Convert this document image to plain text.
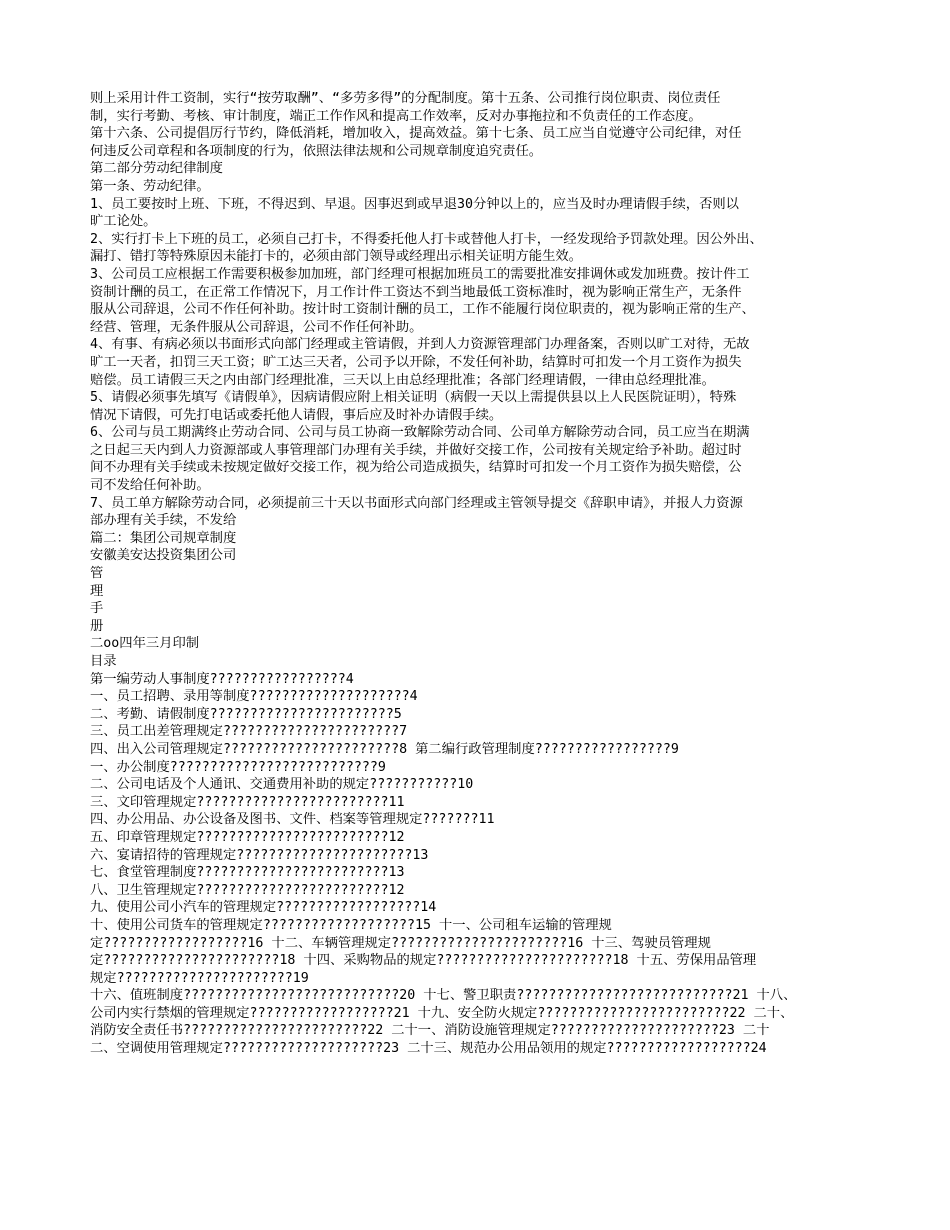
则上采用计件工资制，实行“按劳取酬”、“多劳多得”的分配制度。第十五条、公司推行岗位职责、岗位责任

制，实行考勤、考核、审计制度，端正工作作风和提高工作效率，反对办事拖拉和不负责任的工作态度。

第十六条、公司提倡厉行节约，降低消耗，增加收入，提高效益。第十七条、员工应当自觉遵守公司纪律，对任

何违反公司章程和各项制度的行为，依照法律法规和公司规章制度追究责任。

第二部分劳动纪律制度

第一条、劳动纪律。

1、员工要按时上班、下班，不得迟到、早退。因事迟到或早退30分钟以上的，应当及时办理请假手续，否则以

旷工论处。

2、实行打卡上下班的员工，必须自己打卡，不得委托他人打卡或替他人打卡，一经发现给予罚款处理。因公外出、

漏打、错打等特殊原因未能打卡的，必须由部门领导或经理出示相关证明方能生效。

3、公司员工应根据工作需要积极参加加班，部门经理可根据加班员工的需要批准安排调休或发加班费。按计件工

资制计酬的员工，在正常工作情况下，月工作计件工资达不到当地最低工资标准时，视为影响正常生产，无条件

服从公司辞退，公司不作任何补助。按计时工资制计酬的员工，工作不能履行岗位职责的，视为影响正常的生产、

经营、管理，无条件服从公司辞退，公司不作任何补助。

4、有事、有病必须以书面形式向部门经理或主管请假，并到人力资源管理部门办理备案，否则以旷工对待，无故

旷工一天者，扣罚三天工资；旷工达三天者，公司予以开除，不发任何补助，结算时可扣发一个月工资作为损失

赔偿。员工请假三天之内由部门经理批准，三天以上由总经理批准；各部门经理请假，一律由总经理批准。

5、请假必须事先填写《请假单》，因病请假应附上相关证明（病假一天以上需提供县以上人民医院证明），特殊

情况下请假，可先打电话或委托他人请假，事后应及时补办请假手续。

6、公司与员工期满终止劳动合同、公司与员工协商一致解除劳动合同、公司单方解除劳动合同，员工应当在期满

之日起三天内到人力资源部或人事管理部门办理有关手续，并做好交接工作，公司按有关规定给予补助。超过时

间不办理有关手续或未按规定做好交接工作，视为给公司造成损失，结算时可扣发一个月工资作为损失赔偿，公

司不发给任何补助。

7、员工单方解除劳动合同，必须提前三十天以书面形式向部门经理或主管领导提交《辞职申请》，并报人力资源

部办理有关手续，不发给

篇二：集团公司规章制度

安徽美安达投资集团公司

管

理

手

册

二oo四年三月印制

目录

第一编劳动人事制度?????????????????4

一、员工招聘、录用等制度????????????????????4

二、考勤、请假制度???????????????????????5

三、员工出差管理规定??????????????????????7

四、出入公司管理规定??????????????????????8 第二编行政管理制度?????????????????9

一、办公制度??????????????????????????9

二、公司电话及个人通讯、交通费用补助的规定???????????10

三、文印管理规定????????????????????????11

四、办公用品、办公设备及图书、文件、档案等管理规定???????11

五、印章管理规定????????????????????????12

六、宴请招待的管理规定??????????????????????13

七、食堂管理制度????????????????????????13

八、卫生管理规定????????????????????????12

九、使用公司小汽车的管理规定??????????????????14

十、使用公司货车的管理规定???????????????????15 十一、公司租车运输的管理规

定??????????????????16 十二、车辆管理规定??????????????????????16 十三、驾驶员管理规

定??????????????????????18 十四、采购物品的规定??????????????????????18 十五、劳保用品管理

规定??????????????????????19

十六、值班制度???????????????????????????20 十七、警卫职责???????????????????????????21 十八、

公司内实行禁烟的管理规定??????????????????21 十九、安全防火规定????????????????????????22 二十、

消防安全责任书???????????????????????22 二十一、消防设施管理规定?????????????????????23 二十

二、空调使用管理规定????????????????????23 二十三、规范办公用品领用的规定??????????????????24
